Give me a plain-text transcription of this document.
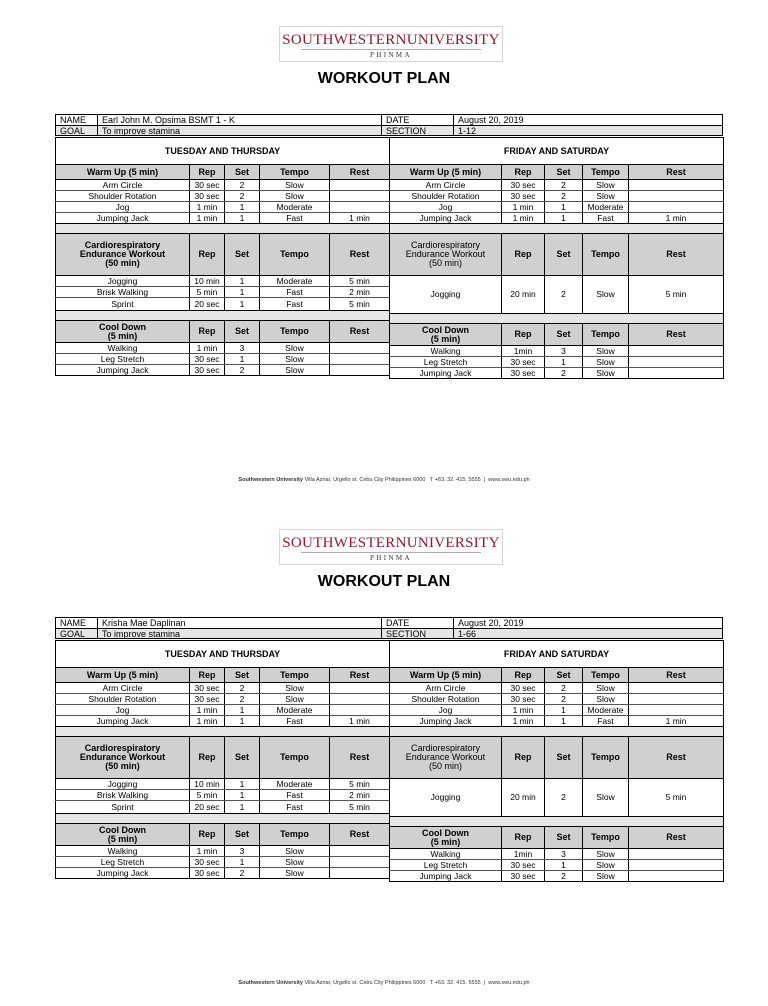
SOUTHWESTERNUNIVERSITY
PHINMA
WORKOUT PLAN
NAME	Earl John M. Opsima BSMT 1 - K	DATE	August 20, 2019
GOAL	To improve stamina	SECTION	1-12
TUESDAY AND THURSDAY				
Warm Up (5 min)	Rep	Set	Tempo	Rest
Arm Circle	30 sec	2	Slow	
Shoulder Rotation	30 sec	2	Slow	
Jog	1 min	1	Moderate	
Jumping Jack	1 min	1	Fast	1 min

Cardiorespiratory
Endurance Workout
(50 min)	Rep	Set	Tempo	Rest
Jogging	10 min	1	Moderate	5 min
Brisk Walking	5 min	1	Fast	2 min
Sprint	20 sec	1	Fast	5 min

Cool Down
(5 min)	Rep	Set	Tempo	Rest
Walking	1 min	3	Slow	
Leg Stretch	30 sec	1	Slow	
Jumping Jack	30 sec	2	Slow	
FRIDAY AND SATURDAY				
Warm Up (5 min)	Rep	Set	Tempo	Rest
Arm Circle	30 sec	2	Slow	
Shoulder Rotation	30 sec	2	Slow	
Jog	1 min	1	Moderate	
Jumping Jack	1 min	1	Fast	1 min

Cardiorespiratory
Endurance Workout
(50 min)	Rep	Set	Tempo	Rest
Jogging	20 min	2	Slow	5 min

Cool Down
(5 min)	Rep	Set	Tempo	Rest
Walking	1min	3	Slow	
Leg Stretch	30 sec	1	Slow	
Jumping Jack	30 sec	2	Slow	
Southwestern University Villa Aznar, Urgello st. Cebu City Philippines 6000 T +63. 32. 415. 5555  |  www.swu.edu.ph
SOUTHWESTERNUNIVERSITY
PHINMA
WORKOUT PLAN
NAME	Krisha Mae Daplinan	DATE	August 20, 2019
GOAL	To improve stamina	SECTION	1-66
TUESDAY AND THURSDAY				
Warm Up (5 min)	Rep	Set	Tempo	Rest
Arm Circle	30 sec	2	Slow	
Shoulder Rotation	30 sec	2	Slow	
Jog	1 min	1	Moderate	
Jumping Jack	1 min	1	Fast	1 min

Cardiorespiratory
Endurance Workout
(50 min)	Rep	Set	Tempo	Rest
Jogging	10 min	1	Moderate	5 min
Brisk Walking	5 min	1	Fast	2 min
Sprint	20 sec	1	Fast	5 min

Cool Down
(5 min)	Rep	Set	Tempo	Rest
Walking	1 min	3	Slow	
Leg Stretch	30 sec	1	Slow	
Jumping Jack	30 sec	2	Slow	
FRIDAY AND SATURDAY				
Warm Up (5 min)	Rep	Set	Tempo	Rest
Arm Circle	30 sec	2	Slow	
Shoulder Rotation	30 sec	2	Slow	
Jog	1 min	1	Moderate	
Jumping Jack	1 min	1	Fast	1 min

Cardiorespiratory
Endurance Workout
(50 min)	Rep	Set	Tempo	Rest
Jogging	20 min	2	Slow	5 min

Cool Down
(5 min)	Rep	Set	Tempo	Rest
Walking	1min	3	Slow	
Leg Stretch	30 sec	1	Slow	
Jumping Jack	30 sec	2	Slow	
Southwestern University Villa Aznar, Urgello st. Cebu City Philippines 6000 T +63. 32. 415. 5555  |  www.swu.edu.ph
